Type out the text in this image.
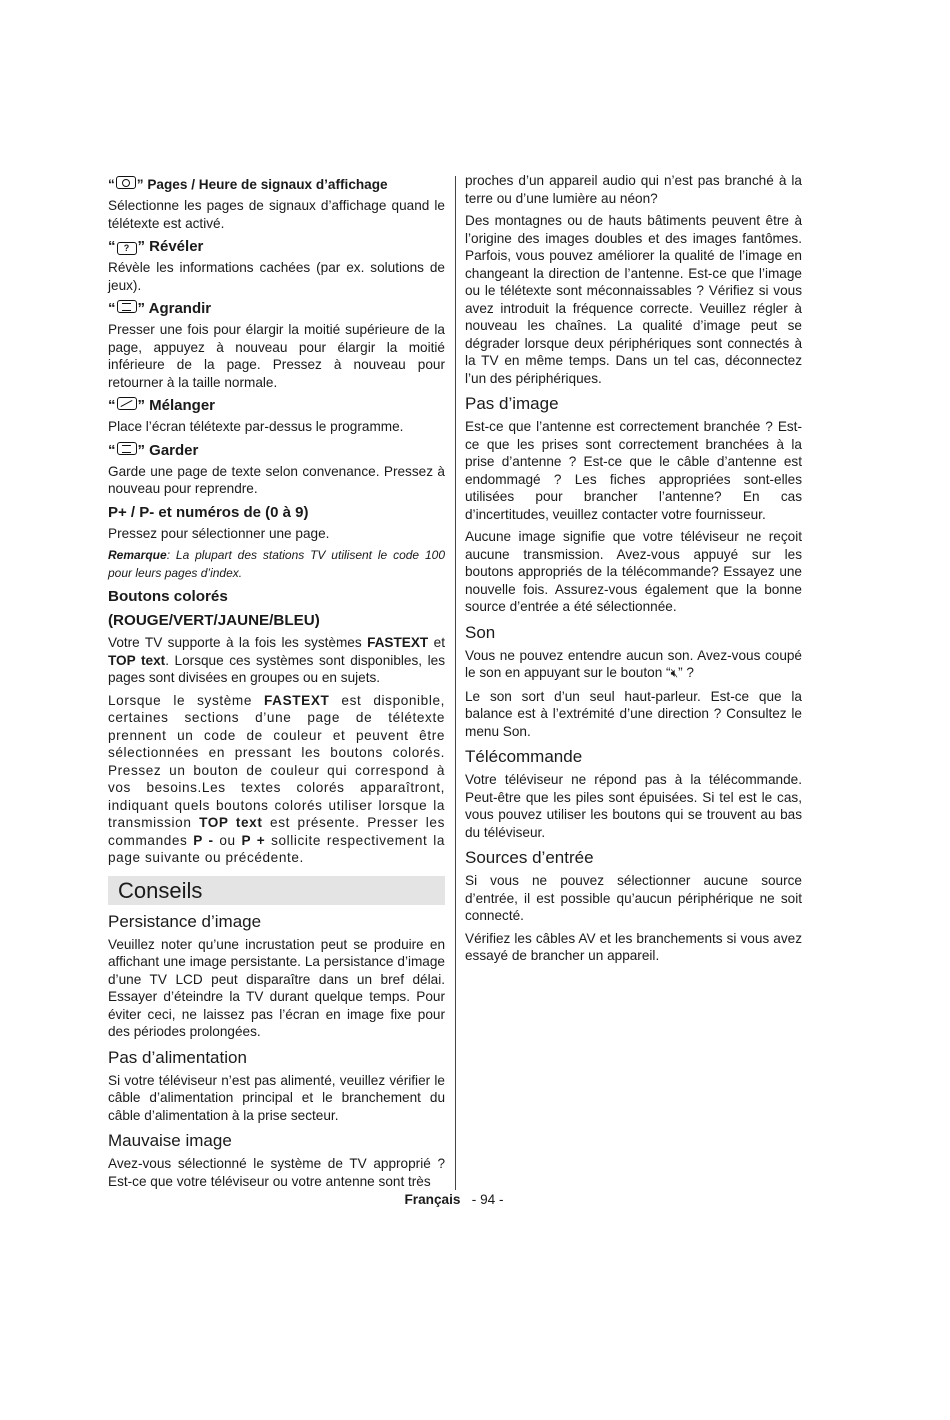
“ ” Pages / Heure de signaux d’affichage

Sélectionne les pages de signaux d’affichage quand le télétexte est activé.

“ ? ” Révéler

Révèle les informations cachées (par ex. solutions de jeux).

“ ” Agrandir

Presser une fois pour élargir la moitié supérieure de la page, appuyez à nouveau pour élargir la moitié inférieure de la page. Pressez à nouveau pour retourner à la taille normale.

“ ” Mélanger

Place l’écran télétexte par-dessus le programme.

“ ” Garder

Garde une page de texte selon convenance. Pressez à nouveau pour reprendre.

P+ / P- et numéros de (0 à 9)

Pressez pour sélectionner une page.

Remarque: La plupart des stations TV utilisent le code 100 pour leurs pages d’index.

Boutons colorés
(ROUGE/VERT/JAUNE/BLEU)

Votre TV supporte à la fois les systèmes FASTEXT et TOP text. Lorsque ces systèmes sont disponibles, les pages sont divisées en groupes ou en sujets.

Lorsque le système FASTEXT est disponible, certaines sections d’une page de télétexte prennent un code de couleur et peuvent être sélectionnées en pressant les boutons colorés. Pressez un bouton de couleur qui correspond à vos besoins.Les textes colorés apparaîtront, indiquant quels boutons colorés utiliser lorsque la transmission TOP text est présente. Presser les commandes P - ou P + sollicite respectivement la page suivante ou précédente.

Conseils
Persistance d’image

Veuillez noter qu’une incrustation peut se produire en affichant une image persistante. La persistance d’image d’une TV LCD peut disparaître dans un bref délai. Essayer d’éteindre la TV durant quelque temps. Pour éviter ceci, ne laissez pas l’écran en image fixe pour des périodes prolongées.

Pas d’alimentation

Si votre téléviseur n’est pas alimenté, veuillez vérifier le câble d’alimentation principal et le branchement du câble d’alimentation à la prise secteur.

Mauvaise image

Avez-vous sélectionné le système de TV approprié ? Est-ce que votre téléviseur ou votre antenne sont très

proches d’un appareil audio qui n’est pas branché à la terre ou d’une lumière au néon?

Des montagnes ou de hauts bâtiments peuvent être à l’origine des images doubles et des images fantômes. Parfois, vous pouvez améliorer la qualité de l’image en changeant la direction de l’antenne. Est-ce que l’image ou le télétexte sont méconnaissables ? Vérifiez si vous avez introduit la fréquence correcte. Veuillez régler à nouveau les chaînes. La qualité d’image peut se dégrader lorsque deux périphériques sont connectés à la TV en même temps. Dans un tel cas, déconnectez l’un des périphériques.

Pas d’image

Est-ce que l’antenne est correctement branchée ? Est-ce que les prises sont correctement branchées à la prise d’antenne ? Est-ce que le câble d’antenne est endommagé ? Les fiches appropriées sont-elles utilisées pour brancher l’antenne? En cas d’incertitudes, veuillez contacter votre fournisseur.

Aucune image signifie que votre téléviseur ne reçoit aucune transmission. Avez-vous appuyé sur les boutons appropriés de la télécommande? Essayez une nouvelle fois. Assurez-vous également que la bonne source d’entrée a été sélectionnée.

Son

Vous ne pouvez entendre aucun son. Avez-vous coupé le son en appuyant sur le bouton “🔇︎” ?

Le son sort d’un seul haut-parleur. Est-ce que la balance est à l’extrémité d’une direction ? Consultez le menu Son.

Télécommande

Votre téléviseur ne répond pas à la télécommande. Peut-être que les piles sont épuisées. Si tel est le cas, vous pouvez utiliser les boutons qui se trouvent au bas du téléviseur.

Sources d’entrée

Si vous ne pouvez sélectionner aucune source d’entrée, il est possible qu’aucun périphérique ne soit connecté.

Vérifiez les câbles AV et les branchements si vous avez essayé de brancher un appareil.

Français - 94 -
